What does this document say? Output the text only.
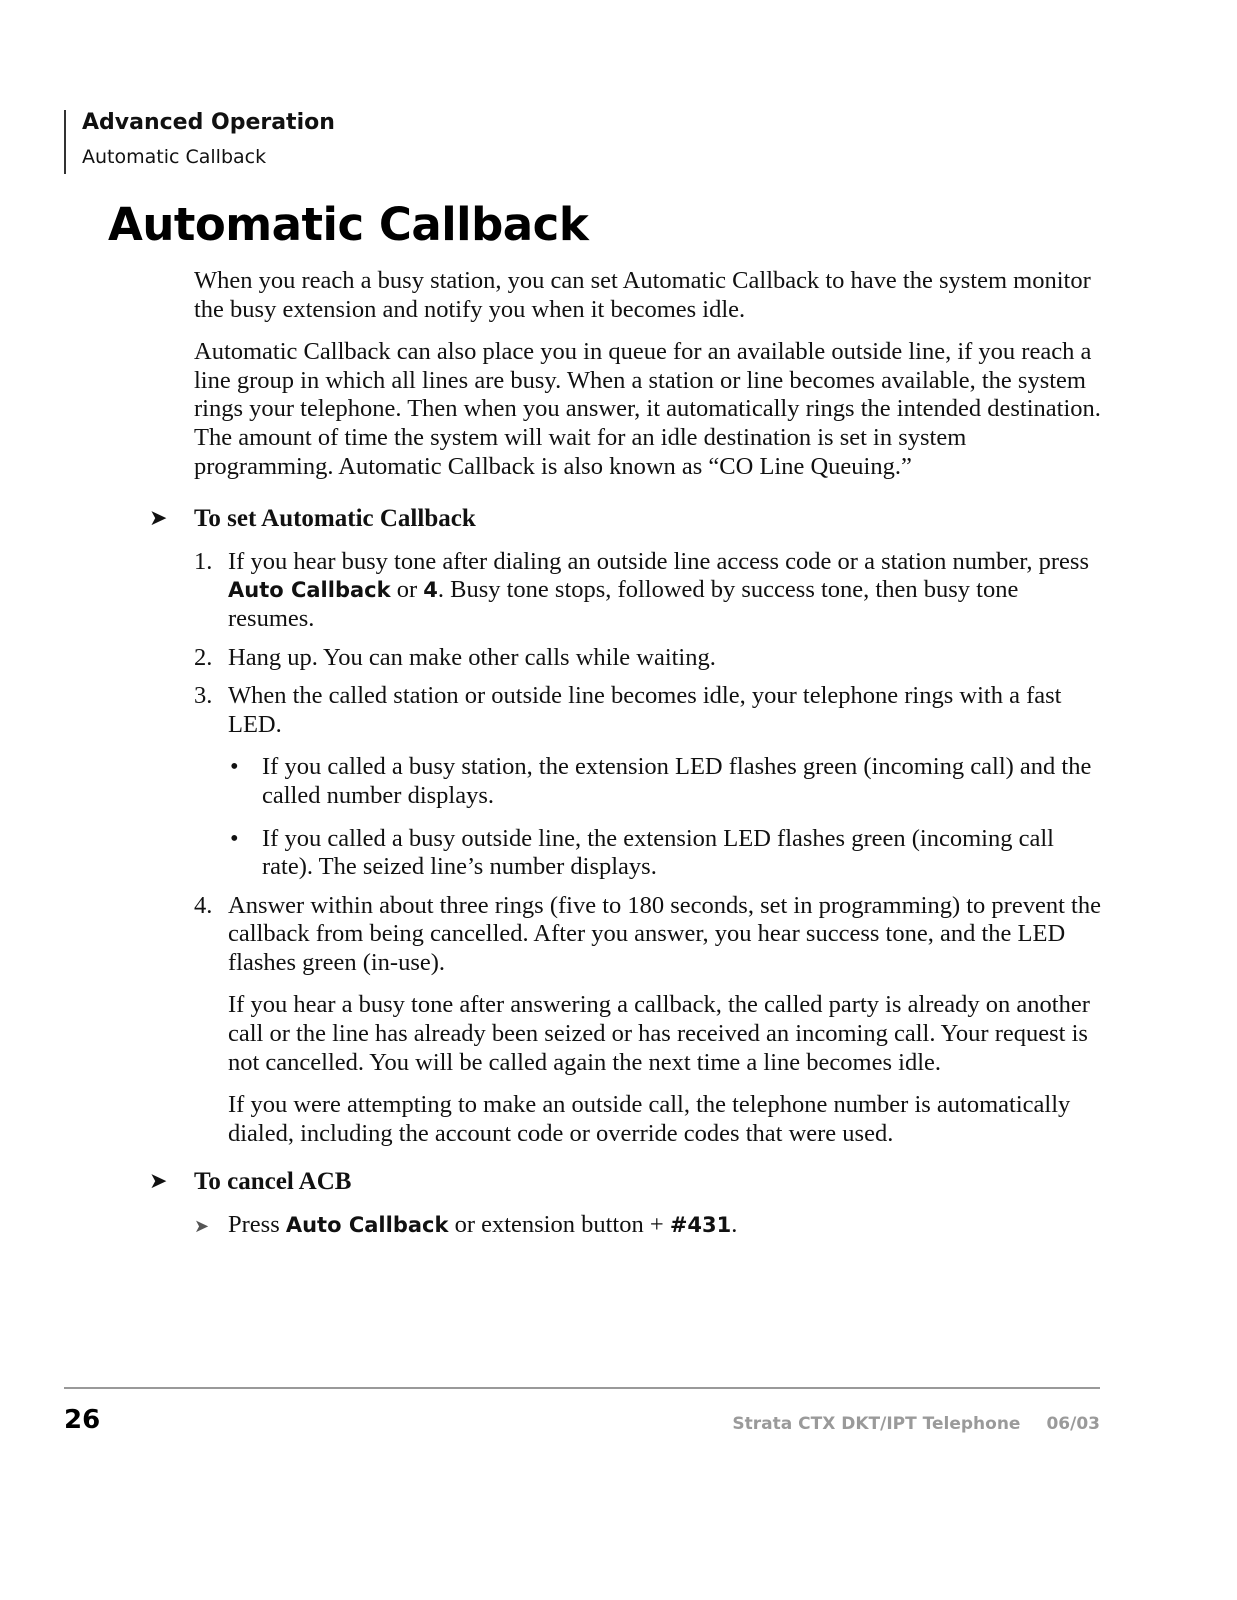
Advanced Operation
Automatic Callback
Automatic Callback

When you reach a busy station, you can set Automatic Callback to have the system monitor the busy extension and notify you when it becomes idle.

Automatic Callback can also place you in queue for an available outside line, if you reach a line group in which all lines are busy. When a station or line becomes available, the system rings your telephone. Then when you answer, it automatically rings the intended destination. The amount of time the system will wait for an idle destination is set in system programming. Automatic Callback is also known as “CO Line Queuing.”

➤ To set Automatic Callback
1. If you hear busy tone after dialing an outside line access code or a station number, press Auto Callback or 4. Busy tone stops, followed by success tone, then busy tone resumes.
2. Hang up. You can make other calls while waiting.
3. When the called station or outside line becomes idle, your telephone rings with a fast LED.
• If you called a busy station, the extension LED flashes green (incoming call) and the called number displays.
• If you called a busy outside line, the extension LED flashes green (incoming call rate). The seized line’s number displays.
4. Answer within about three rings (five to 180 seconds, set in programming) to prevent the callback from being cancelled. After you answer, you hear success tone, and the LED flashes green (in-use).

If you hear a busy tone after answering a callback, the called party is already on another call or the line has already been seized or has received an incoming call. Your request is not cancelled. You will be called again the next time a line becomes idle.

If you were attempting to make an outside call, the telephone number is automatically dialed, including the account code or override codes that were used.

➤ To cancel ACB
➤ Press Auto Callback or extension button + #431.
26	Strata CTX DKT/IPT Telephone 06/03
